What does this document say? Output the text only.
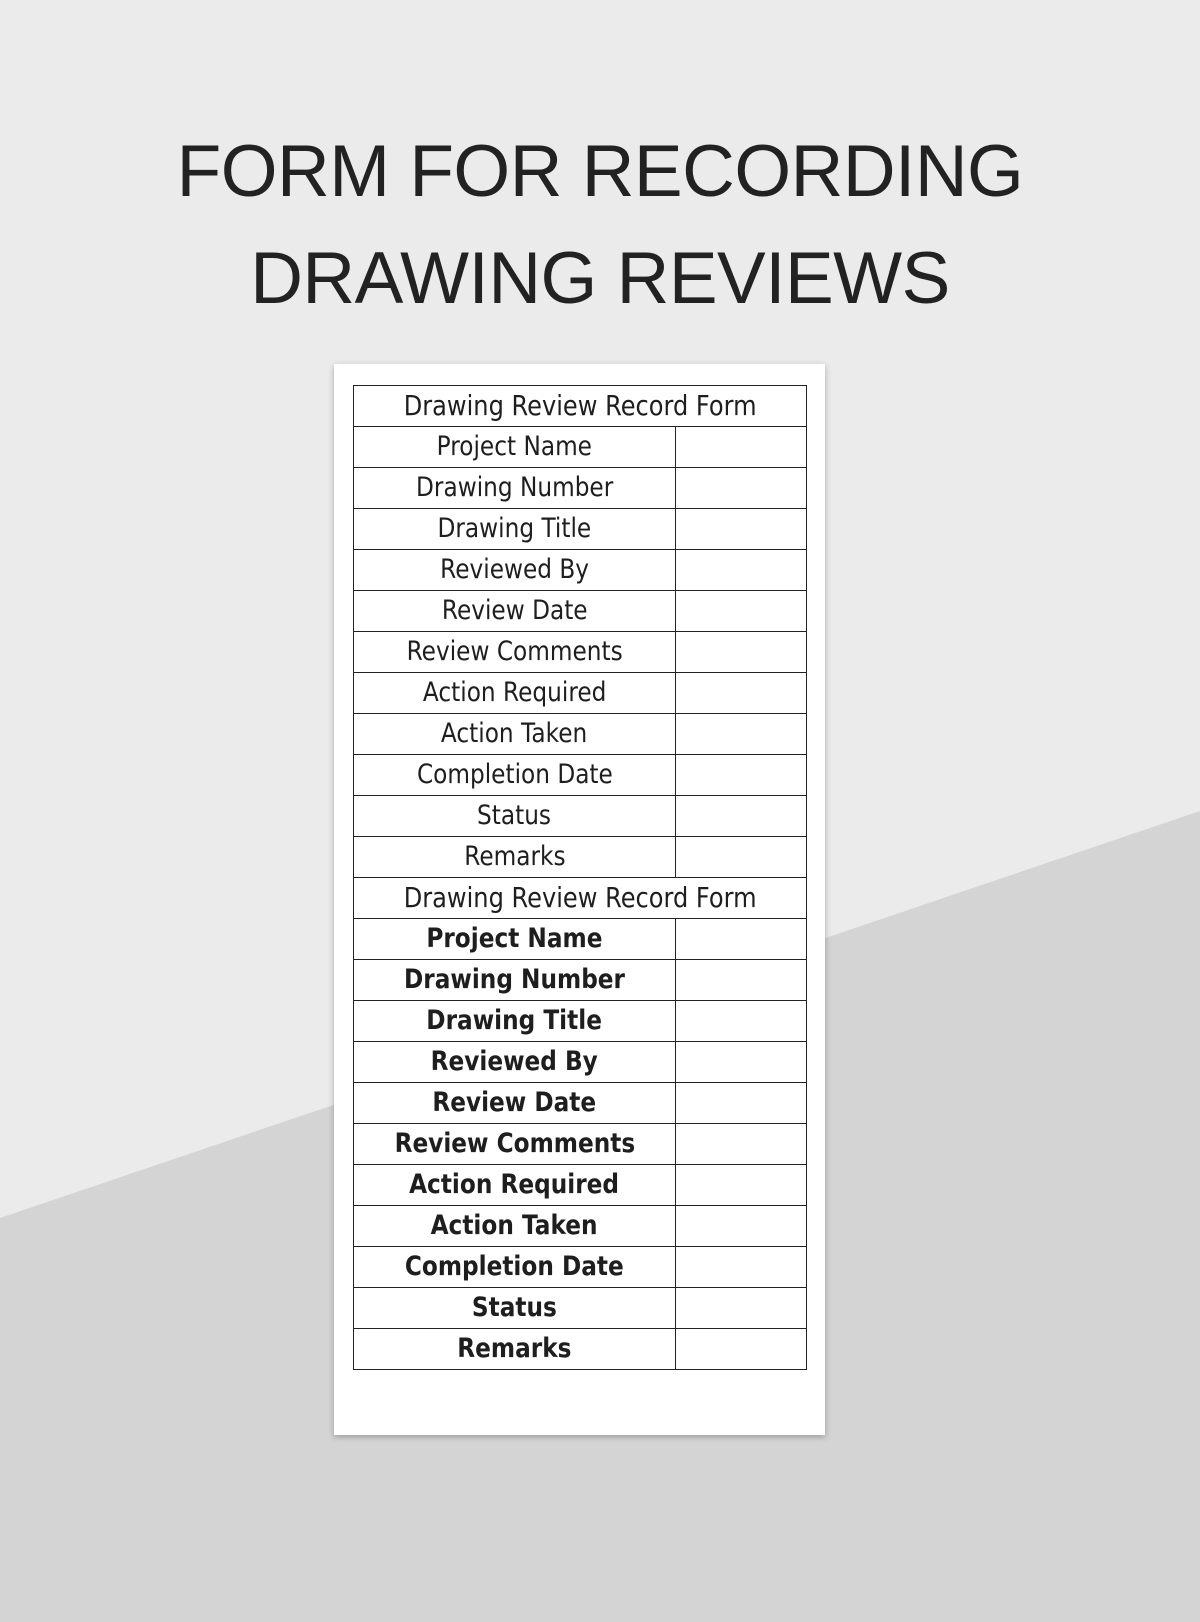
FORM FOR RECORDING
DRAWING REVIEWS
Drawing Review Record Form	
Project Name	
Drawing Number	
Drawing Title	
Reviewed By	
Review Date	
Review Comments	
Action Required	
Action Taken	
Completion Date	
Status	
Remarks	
Drawing Review Record Form	
Project Name	
Drawing Number	
Drawing Title	
Reviewed By	
Review Date	
Review Comments	
Action Required	
Action Taken	
Completion Date	
Status	
Remarks	
